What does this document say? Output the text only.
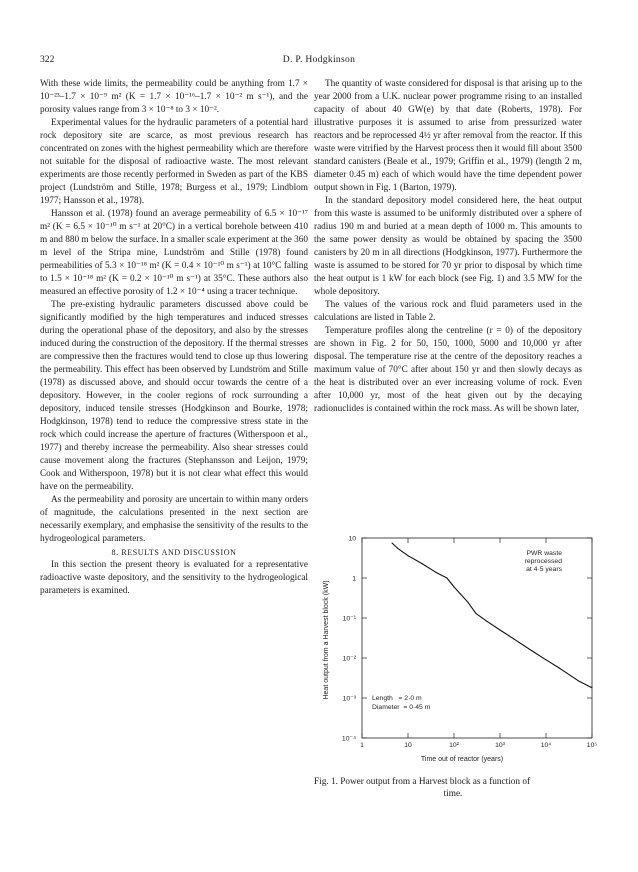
322	D. P. Hodgkinson

With these wide limits, the permeability could be anything from 1.7 × 10⁻²³–1.7 × 10⁻⁹ m² (K = 1.7 × 10⁻¹⁶–1.7 × 10⁻² m s⁻¹), and the porosity values range from 3 × 10⁻⁸ to 3 × 10⁻².

Experimental values for the hydraulic parameters of a potential hard rock depository site are scarce, as most previous research has concentrated on zones with the highest permeability which are therefore not suitable for the disposal of radioactive waste. The most relevant experiments are those recently performed in Sweden as part of the KBS project (Lundström and Stille, 1978; Burgess et al., 1979; Lindblom 1977; Hansson et al., 1978).

Hansson et al. (1978) found an average permeability of 6.5 × 10⁻¹⁷ m² (K = 6.5 × 10⁻¹⁰ m s⁻¹ at 20°C) in a vertical borehole between 410 m and 880 m below the surface. In a smaller scale experiment at the 360 m level of the Stripa mine, Lundström and Stille (1978) found permeabilities of 5.3 × 10⁻¹⁸ m² (K = 0.4 × 10⁻¹⁰ m s⁻¹) at 10°C falling to 1.5 × 10⁻¹⁸ m² (K = 0.2 × 10⁻¹⁰ m s⁻¹) at 35°C. These authors also measured an effective porosity of 1.2 × 10⁻⁴ using a tracer technique.

The pre-existing hydraulic parameters discussed above could be significantly modified by the high temperatures and induced stresses during the operational phase of the depository, and also by the stresses induced during the construction of the depository. If the thermal stresses are compressive then the fractures would tend to close up thus lowering the permeability. This effect has been observed by Lundström and Stille (1978) as discussed above, and should occur towards the centre of a depository. However, in the cooler regions of rock surrounding a depository, induced tensile stresses (Hodgkinson and Bourke, 1978; Hodgkinson, 1978) tend to reduce the compressive stress state in the rock which could increase the aperture of fractures (Witherspoon et al., 1977) and thereby increase the permeability. Also shear stresses could cause movement along the fractures (Stephansson and Leijon, 1979; Cook and Witherspoon, 1978) but it is not clear what effect this would have on the permeability.

As the permeability and porosity are uncertain to within many orders of magnitude, the calculations presented in the next section are necessarily exemplary, and emphasise the sensitivity of the results to the hydrogeological parameters.

8. RESULTS AND DISCUSSION

In this section the present theory is evaluated for a representative radioactive waste depository, and the sensitivity to the hydrogeological parameters is examined.

The quantity of waste considered for disposal is that arising up to the year 2000 from a U.K. nuclear power programme rising to an installed capacity of about 40 GW(e) by that date (Roberts, 1978). For illustrative purposes it is assumed to arise from pressurized water reactors and be reprocessed 4½ yr after removal from the reactor. If this waste were vitrified by the Harvest process then it would fill about 3500 standard canisters (Beale et al., 1979; Griffin et al., 1979) (length 2 m, diameter 0.45 m) each of which would have the time dependent power output shown in Fig. 1 (Barton, 1979).

In the standard depository model considered here, the heat output from this waste is assumed to be uniformly distributed over a sphere of radius 190 m and buried at a mean depth of 1000 m. This amounts to the same power density as would be obtained by spacing the 3500 canisters by 20 m in all directions (Hodgkinson, 1977). Furthermore the waste is assumed to be stored for 70 yr prior to disposal by which time the heat output is 1 kW for each block (see Fig. 1) and 3.5 MW for the whole depository.

The values of the various rock and fluid parameters used in the calculations are listed in Table 2.

Temperature profiles along the centreline (r = 0) of the depository are shown in Fig. 2 for 50, 150, 1000, 5000 and 10,000 yr after disposal. The temperature rise at the centre of the depository reaches a maximum value of 70°C after about 150 yr and then slowly decays as the heat is distributed over an ever increasing volume of rock. Even after 10,000 yr, most of the heat given out by the decaying radionuclides is contained within the rock mass. As will be shown later,

1	10	10²	10³	10⁴	10⁵
10
1
10⁻¹
10⁻²
10⁻³
10⁻⁴
PWR waste
reprocessed
at 4·5 years
Length   = 2·0 m
Diameter  = 0·45 m
Time out of reactor (years)
Heat output from a Harvest block (kW)
Fig. 1. Power output from a Harvest block as a function of
time.
